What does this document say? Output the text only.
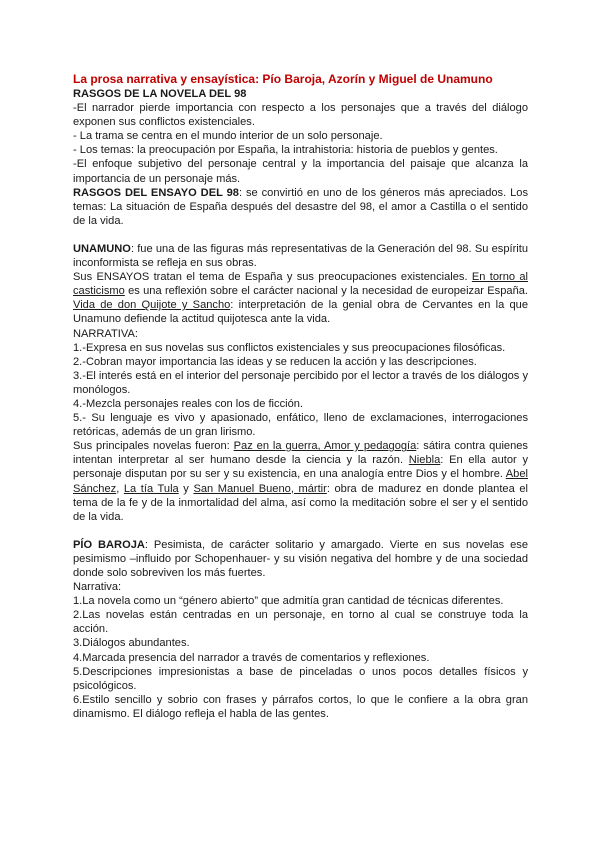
La prosa narrativa y ensayística: Pío Baroja, Azorín y Miguel de Unamuno

RASGOS DE LA NOVELA DEL 98

-El narrador pierde importancia con respecto a los personajes que a través del diálogo exponen sus conflictos existenciales.

- La trama se centra en el mundo interior de un solo personaje.

- Los temas: la preocupación por España, la intrahistoria: historia de pueblos y gentes.

-El enfoque subjetivo del personaje central y la importancia del paisaje que alcanza la importancia de un personaje más.

RASGOS DEL ENSAYO DEL 98: se convirtió en uno de los géneros más apreciados. Los temas: La situación de España después del desastre del 98, el amor a Castilla o el sentido de la vida.

UNAMUNO: fue una de las figuras más representativas de la Generación del 98. Su espíritu inconformista se refleja en sus obras.

Sus ENSAYOS tratan el tema de España y sus preocupaciones existenciales. En torno al casticismo es una reflexión sobre el carácter nacional y la necesidad de europeizar España. Vida de don Quijote y Sancho: interpretación de la genial obra de Cervantes en la que Unamuno defiende la actitud quijotesca ante la vida.

NARRATIVA:

1.-Expresa en sus novelas sus conflictos existenciales y sus preocupaciones filosóficas.

2.-Cobran mayor importancia las ideas y se reducen la acción y las descripciones.

3.-El interés está en el interior del personaje percibido por el lector a través de los diálogos y monólogos.

4.-Mezcla personajes reales con los de ficción.

5.- Su lenguaje es vivo y apasionado, enfático, lleno de exclamaciones, interrogaciones retóricas, además de un gran lirismo.

Sus principales novelas fueron: Paz en la guerra, Amor y pedagogía: sátira contra quienes intentan interpretar al ser humano desde la ciencia y la razón. Niebla: En ella autor y personaje disputan por su ser y su existencia, en una analogía entre Dios y el hombre. Abel Sánchez, La tía Tula y San Manuel Bueno, mártir: obra de madurez en donde plantea el tema de la fe y de la inmortalidad del alma, así como la meditación sobre el ser y el sentido de la vida.

PÍO BAROJA: Pesimista, de carácter solitario y amargado. Vierte en sus novelas ese pesimismo –influido por Schopenhauer- y su visión negativa del hombre y de una sociedad donde solo sobreviven los más fuertes.

Narrativa:

1.La novela como un “género abierto” que admitía gran cantidad de técnicas diferentes.

2.Las novelas están centradas en un personaje, en torno al cual se construye toda la acción.

3.Diálogos abundantes.

4.Marcada presencia del narrador a través de comentarios y reflexiones.

5.Descripciones impresionistas a base de pinceladas o unos pocos detalles físicos y psicológicos.

6.Estilo sencillo y sobrio con frases y párrafos cortos, lo que le confiere a la obra gran dinamismo. El diálogo refleja el habla de las gentes.
